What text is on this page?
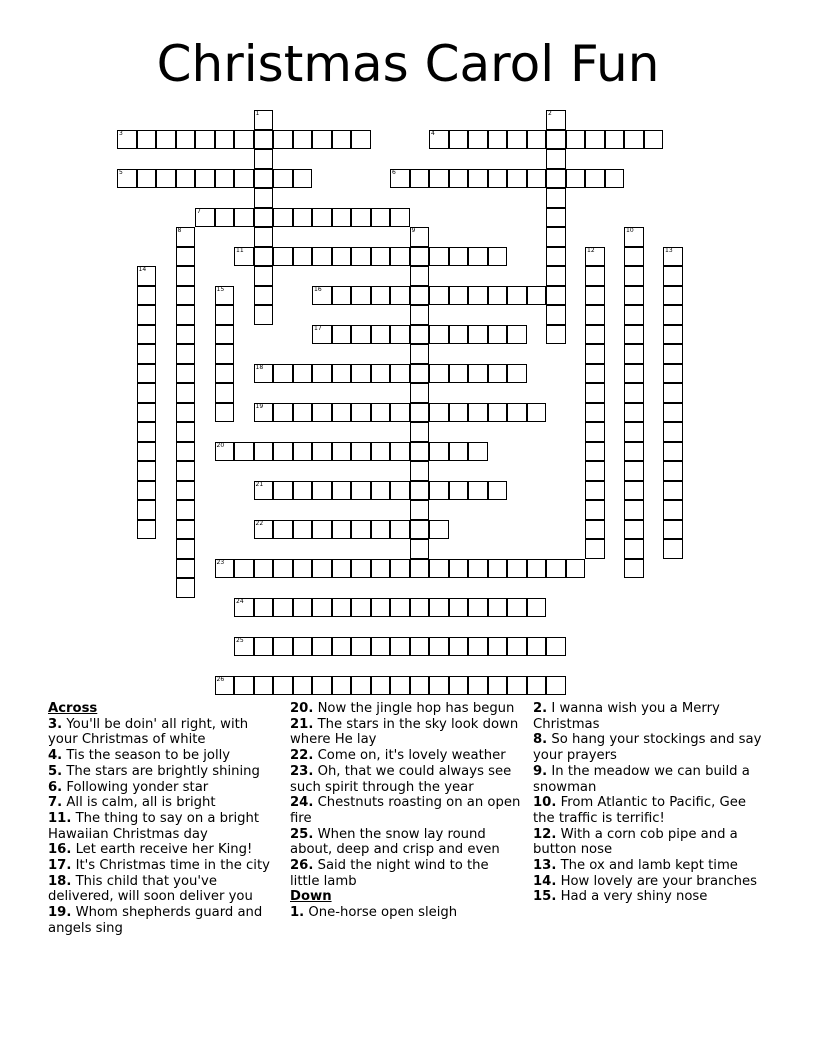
Christmas Carol Fun
1	2
3	4
5	6
7
8	9	10
11	12	13
14
15	16
17
18
19
20
21
22
23
24
25
26
Across
3. You'll be doin' all right, with your Christmas of white
4. Tis the season to be jolly
5. The stars are brightly shining
6. Following yonder star
7. All is calm, all is bright
11. The thing to say on a bright Hawaiian Christmas day
16. Let earth receive her King!
17. It's Christmas time in the city
18. This child that you've delivered, will soon deliver you
19. Whom shepherds guard and angels sing
20. Now the jingle hop has begun
21. The stars in the sky look down where He lay
22. Come on, it's lovely weather
23. Oh, that we could always see such spirit through the year
24. Chestnuts roasting on an open fire
25. When the snow lay round about, deep and crisp and even
26. Said the night wind to the little lamb
Down
1. One-horse open sleigh
2. I wanna wish you a Merry Christmas
8. So hang your stockings and say your prayers
9. In the meadow we can build a snowman
10. From Atlantic to Pacific, Gee the traffic is terrific!
12. With a corn cob pipe and a button nose
13. The ox and lamb kept time
14. How lovely are your branches
15. Had a very shiny nose
